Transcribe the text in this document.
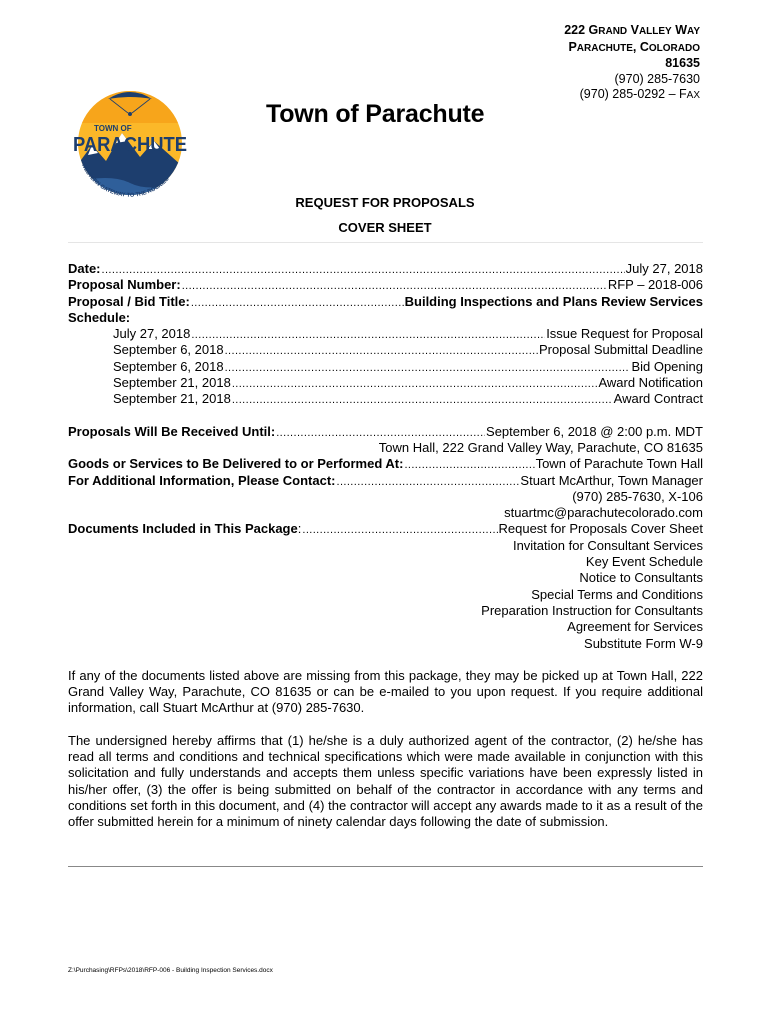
TOWN OF
PARACHUTE
WESTERN GATEWAY TO THE ROCKIES
Town of Parachute
222 GRAND VALLEY WAY
PARACHUTE, COLORADO
81635
(970) 285-7630
(970) 285-0292 – FAX
REQUEST FOR PROPOSALS
COVER SHEET
Date: .....	July 27, 2018
Proposal Number: .....	RFP – 2018-006
Proposal / Bid Title: .....	Building Inspections and Plans Review Services
Schedule:
July 27, 2018 .....	Issue Request for Proposal
September 6, 2018 .....	Proposal Submittal Deadline
September 6, 2018 .....	Bid Opening
September 21, 2018 .....	Award Notification
September 21, 2018 .....	Award Contract
Proposals Will Be Received Until: .....	September 6, 2018 @ 2:00 p.m. MDT
Town Hall, 222 Grand Valley Way, Parachute, CO 81635
Goods or Services to Be Delivered to or Performed At: .....	Town of Parachute Town Hall
For Additional Information, Please Contact: .....	Stuart McArthur, Town Manager
(970) 285-7630, X-106
stuartmc@parachutecolorado.com
Documents Included in This Package: .....	Request for Proposals Cover Sheet
Invitation for Consultant Services
Key Event Schedule
Notice to Consultants
Special Terms and Conditions
Preparation Instruction for Consultants
Agreement for Services
Substitute Form W-9

If any of the documents listed above are missing from this package, they may be picked up at Town Hall, 222 Grand Valley Way, Parachute, CO 81635 or can be e-mailed to you upon request. If you require additional information, call Stuart McArthur at (970) 285-7630.

The undersigned hereby affirms that (1) he/she is a duly authorized agent of the contractor, (2) he/she has read all terms and conditions and technical specifications which were made available in conjunction with this solicitation and fully understands and accepts them unless specific variations have been expressly listed in his/her offer, (3) the offer is being submitted on behalf of the contractor in accordance with any terms and conditions set forth in this document, and (4) the contractor will accept any awards made to it as a result of the offer submitted herein for a minimum of ninety calendar days following the date of submission.

Z:\Purchasing\RFPs\2018\RFP-006 - Building Inspection Services.docx
